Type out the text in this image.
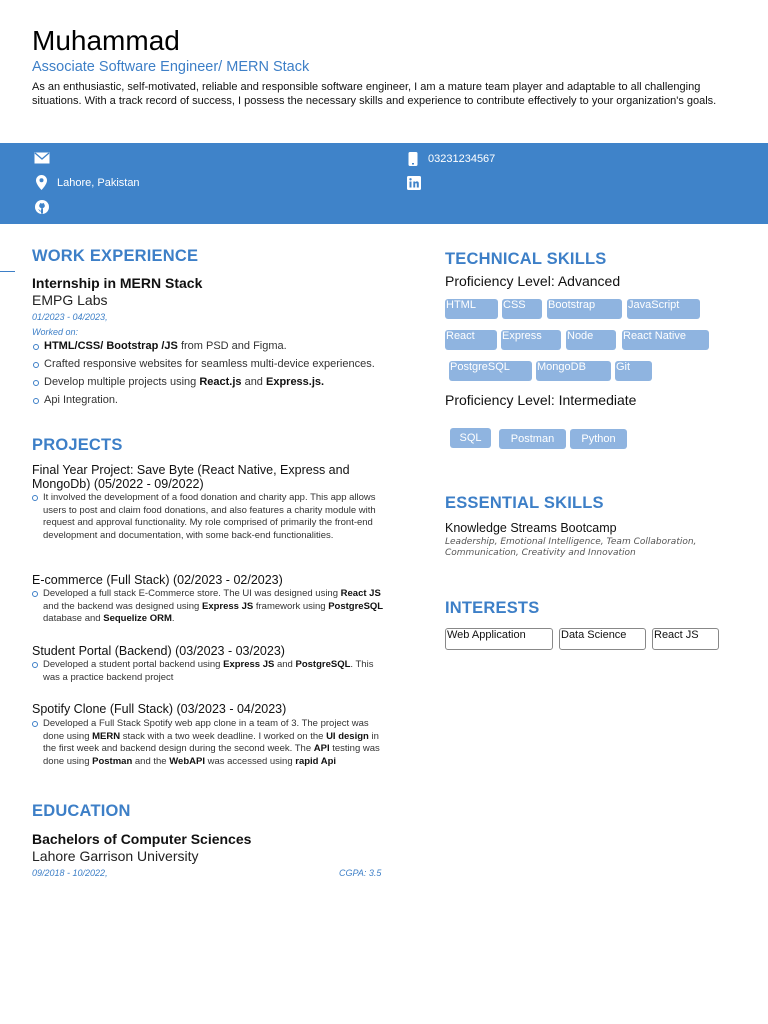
Muhammad
Associate Software Engineer/ MERN Stack
As an enthusiastic, self-motivated, reliable and responsible software engineer, I am a mature team player and adaptable to all challenging situations. With a track record of success, I possess the necessary skills and experience to contribute effectively to your organization's goals.
03231234567
Lahore, Pakistan
WORK EXPERIENCE
Internship in MERN Stack
EMPG Labs
01/2023 - 04/2023,
Worked on:
HTML/CSS/ Bootstrap /JS from PSD and Figma.
Crafted responsive websites for seamless multi-device experiences.
Develop multiple projects using React.js and Express.js.
Api Integration.
PROJECTS
Final Year Project: Save Byte (React Native, Express and MongoDb) (05/2022 - 09/2022)
It involved the development of a food donation and charity app. This app allows users to post and claim food donations, and also features a charity module with request and approval functionality. My role comprised of primarily the front-end development and documentation, with some back-end functionalities.
E-commerce (Full Stack) (02/2023 - 02/2023)
Developed a full stack E-Commerce store. The UI was designed using React JS and the backend was designed using Express JS framework using PostgreSQL database and Sequelize ORM.
Student Portal (Backend) (03/2023 - 03/2023)
Developed a student portal backend using Express JS and PostgreSQL. This was a practice backend project
Spotify Clone (Full Stack) (03/2023 - 04/2023)
Developed a Full Stack Spotify web app clone in a team of 3. The project was done using MERN stack with a two week deadline. I worked on the UI design in the first week and backend design during the second week. The API testing was done using Postman and the WebAPI was accessed using rapid Api
EDUCATION
Bachelors of Computer Sciences
Lahore Garrison University
09/2018 - 10/2022,	CGPA: 3.5
TECHNICAL SKILLS
Proficiency Level: Advanced
HTML	CSS	Bootstrap	JavaScript
React	Express	Node	React Native
PostgreSQL	MongoDB	Git
Proficiency Level: Intermediate
SQL	Postman	Python
ESSENTIAL SKILLS
Knowledge Streams Bootcamp
Leadership, Emotional Intelligence, Team Collaboration, Communication, Creativity and Innovation
INTERESTS
Web Application	Data Science	React JS
